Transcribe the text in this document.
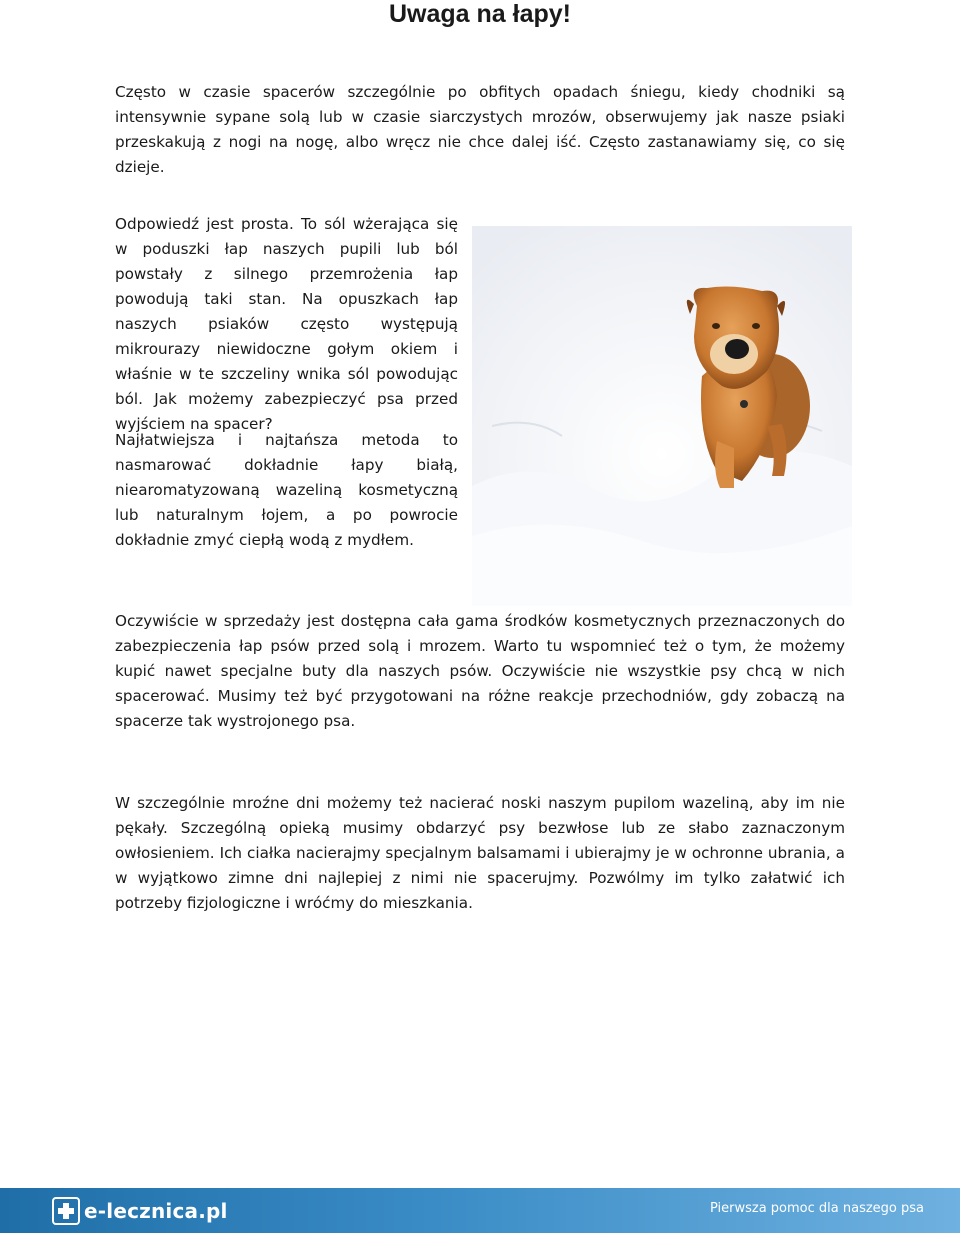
Uwaga na łapy!

Często w czasie spacerów szczególnie po obfitych opadach śniegu, kiedy chodniki są intensywnie sypane solą lub w czasie siarczystych mrozów, obserwujemy jak nasze psiaki przeskakują z nogi na nogę, albo wręcz nie chce dalej iść. Często zastanawiamy się, co się dzieje.

Odpowiedź jest prosta. To sól wżerająca się w poduszki łap naszych pupili lub ból powstały z silnego przemrożenia łap powodują taki stan. Na opuszkach łap naszych psiaków często występują mikrourazy niewidoczne gołym okiem i właśnie w te szczeliny wnika sól powodując ból. Jak możemy zabezpieczyć psa przed wyjściem na spacer?

Najłatwiejsza i najtańsza metoda to nasmarować dokładnie łapy białą, niearomatyzowaną wazeliną kosmetyczną lub naturalnym łojem, a po powrocie dokładnie zmyć ciepłą wodą z mydłem.

Oczywiście w sprzedaży jest dostępna cała gama środków kosmetycznych przeznaczonych do zabezpieczenia łap psów przed solą i mrozem. Warto tu wspomnieć też o tym, że możemy kupić nawet specjalne buty dla naszych psów. Oczywiście nie wszystkie psy chcą w nich spacerować. Musimy też być przygotowani na różne reakcje przechodniów, gdy zobaczą na spacerze tak wystrojonego psa.

W szczególnie mroźne dni możemy też nacierać noski naszym pupilom wazeliną, aby im nie pękały. Szczególną opieką musimy obdarzyć psy bezwłose lub ze słabo zaznaczonym owłosieniem. Ich ciałka nacierajmy specjalnym balsamami i ubierajmy je w ochronne ubrania, a w wyjątkowo zimne dni najlepiej z nimi nie spacerujmy. Pozwólmy im tylko załatwić ich potrzeby fizjologiczne i wróćmy do mieszkania.

e-lecznica.pl	Pierwsza pomoc dla naszego psa
